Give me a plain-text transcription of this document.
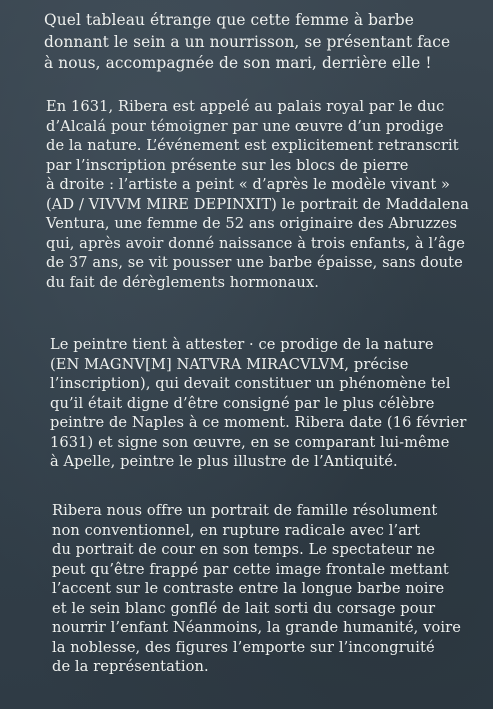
Quel tableau étrange que cette femme à barbe
donnant le sein a un nourrisson, se présentant face
à nous, accompagnée de son mari, derrière elle !

En 1631, Ribera est appelé au palais royal par le duc
d’Alcalá pour témoigner par une œuvre d’un prodige
de la nature. L’événement est explicitement retranscrit
par l’inscription présente sur les blocs de pierre
à droite : l’artiste a peint « d’après le modèle vivant »
(AD / VIVVM MIRE DEPINXIT) le portrait de Maddalena
Ventura, une femme de 52 ans originaire des Abruzzes
qui, après avoir donné naissance à trois enfants, à l’âge
de 37 ans, se vit pousser une barbe épaisse, sans doute
du fait de dérèglements hormonaux.

Le peintre tient à attester · ce prodige de la nature
(EN MAGNV[M] NATVRA MIRACVLVM, précise
l’inscription), qui devait constituer un phénomène tel
qu’il était digne d’être consigné par le plus célèbre
peintre de Naples à ce moment. Ribera date (16 février
1631) et signe son œuvre, en se comparant lui-même
à Apelle, peintre le plus illustre de l’Antiquité.

Ribera nous offre un portrait de famille résolument
non conventionnel, en rupture radicale avec l’art
du portrait de cour en son temps. Le spectateur ne
peut qu’être frappé par cette image frontale mettant
l’accent sur le contraste entre la longue barbe noire
et le sein blanc gonflé de lait sorti du corsage pour
nourrir l’enfant Néanmoins, la grande humanité, voire
la noblesse, des figures l’emporte sur l’incongruité
de la représentation.
